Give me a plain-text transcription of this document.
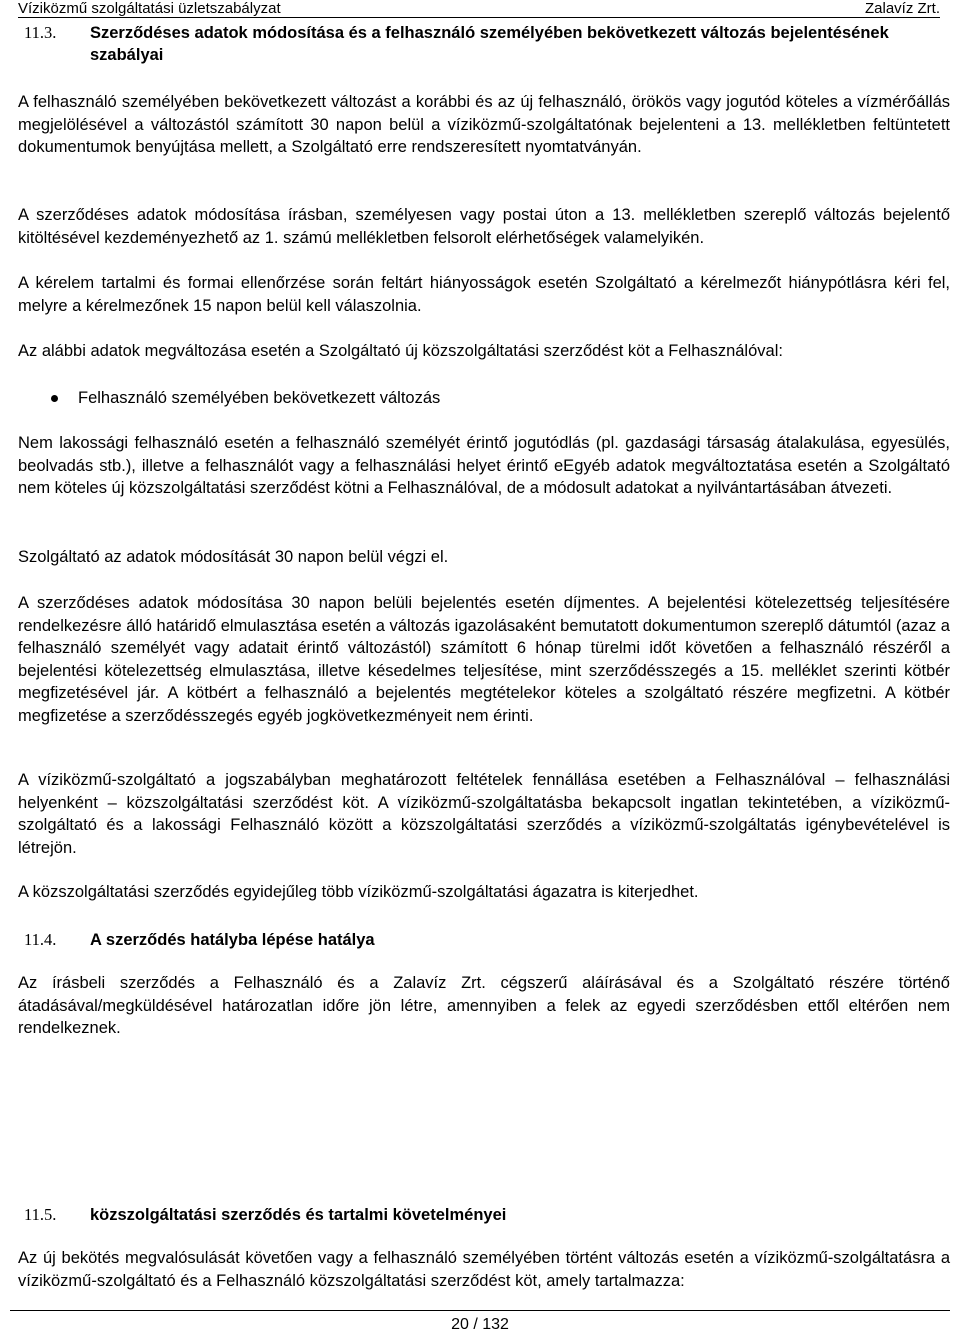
Víziközmű szolgáltatási üzletszabályzat	Zalavíz Zrt.
11.3. Szerződéses adatok módosítása és a felhasználó személyében bekövetkezett változás bejelentésének szabályai

A felhasználó személyében bekövetkezett változást a korábbi és az új felhasználó, örökös vagy jogutód köteles a vízmérőállás megjelölésével a változástól számított 30 napon belül a víziközmű-szolgáltatónak bejelenteni a 13. mellékletben feltüntetett dokumentumok benyújtása mellett, a Szolgáltató erre rendszeresített nyomtatványán.

A szerződéses adatok módosítása írásban, személyesen vagy postai úton a 13. mellékletben szereplő változás bejelentő kitöltésével kezdeményezhető az 1. számú mellékletben felsorolt elérhetőségek valamelyikén.

A kérelem tartalmi és formai ellenőrzése során feltárt hiányosságok esetén Szolgáltató a kérelmezőt hiánypótlásra kéri fel, melyre a kérelmezőnek 15 napon belül kell válaszolnia.

Az alábbi adatok megváltozása esetén a Szolgáltató új közszolgáltatási szerződést köt a Felhasználóval:

Felhasználó személyében bekövetkezett változás

Nem lakossági felhasználó esetén a felhasználó személyét érintő jogutódlás (pl. gazdasági társaság átalakulása, egyesülés, beolvadás stb.), illetve a felhasználót vagy a felhasználási helyet érintő eEgyéb adatok megváltoztatása esetén a Szolgáltató nem köteles új közszolgáltatási szerződést kötni a Felhasználóval, de a módosult adatokat a nyilvántartásában átvezeti.

Szolgáltató az adatok módosítását 30 napon belül végzi el.

A szerződéses adatok módosítása 30 napon belüli bejelentés esetén díjmentes. A bejelentési kötelezettség teljesítésére rendelkezésre álló határidő elmulasztása esetén a változás igazolásaként bemutatott dokumentumon szereplő dátumtól (azaz a felhasználó személyét vagy adatait érintő változástól) számított 6 hónap türelmi időt követően a felhasználó részéről a bejelentési kötelezettség elmulasztása, illetve késedelmes teljesítése, mint szerződésszegés a 15. melléklet szerinti kötbér megfizetésével jár. A kötbért a felhasználó a bejelentés megtételekor köteles a szolgáltató részére megfizetni. A kötbér megfizetése a szerződésszegés egyéb jogkövetkezményeit nem érinti.

A víziközmű-szolgáltató a jogszabályban meghatározott feltételek fennállása esetében a Felhasználóval – felhasználási helyenként – közszolgáltatási szerződést köt. A víziközmű-szolgáltatásba bekapcsolt ingatlan tekintetében, a víziközmű-szolgáltató és a lakossági Felhasználó között a közszolgáltatási szerződés a víziközmű-szolgáltatás igénybevételével is létrejön.

A közszolgáltatási szerződés egyidejűleg több víziközmű-szolgáltatási ágazatra is kiterjedhet.

11.4. A szerződés hatályba lépése hatálya

Az írásbeli szerződés a Felhasználó és a Zalavíz Zrt. cégszerű aláírásával és a Szolgáltató részére történő átadásával/megküldésével határozatlan időre jön létre, amennyiben a felek az egyedi szerződésben ettől eltérően nem rendelkeznek.

11.5. közszolgáltatási szerződés és tartalmi követelményei

Az új bekötés megvalósulását követően vagy a felhasználó személyében történt változás esetén a víziközmű-szolgáltatásra a víziközmű-szolgáltató és a Felhasználó közszolgáltatási szerződést köt, amely tartalmazza:

20 / 132
